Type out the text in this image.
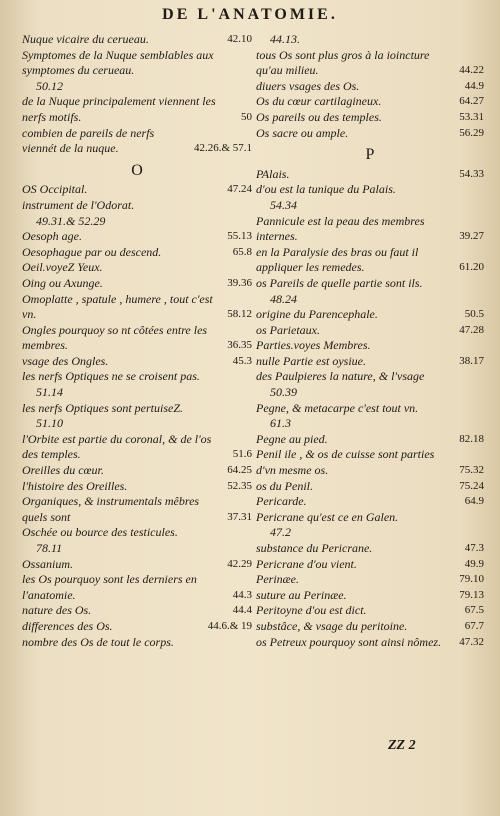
DE L'ANATOMIE.
Nuque vicaire du cerueau.	42.10
Symptomes de la Nuque semblables aux symptomes du cerueau.
50.12
de la Nuque principalement viennent les nerfs motifs.	50
combien de pareils de nerfs viennét de la nuque.	42.26.& 57.1
O
OS Occipital.	47.24
instrument de l'Odorat.
49.31.& 52.29
Oesoph age.	55.13
Oesophague par ou descend.	65.8
Oeil.voyeZ Yeux.
Oing ou Axunge.	39.36
Omoplatte , spatule , humere , tout c'est vn.	58.12
Ongles pourquoy so nt côtées entre les membres.	36.35
vsage des Ongles.	45.3
les nerfs Optiques ne se croisent pas.
51.14
les nerfs Optiques sont pertuiseZ.
51.10
l'Orbite est partie du coronal, & de l'os des temples.	51.6
Oreilles du cœur.	64.25
l'histoire des Oreilles.	52.35
Organiques, & instrumentals mêbres quels sont	37.31
Oschée ou bource des testicules.
78.11
Ossanium.	42.29
les Os pourquoy sont les derniers en l'anatomie.	44.3
nature des Os.	44.4
differences des Os.	44.6.& 19
nombre des Os de tout le corps.
44.13.
tous Os sont plus gros à la ioincture qu'au milieu.	44.22
diuers vsages des Os.	44.9
Os du cœur cartilagineux.	64.27
Os pareils ou des temples.	53.31
Os sacre ou ample.	56.29
P
PAlais.	54.33
d'ou est la tunique du Palais.
54.34
Pannicule est la peau des membres internes.	39.27
en la Paralysie des bras ou faut il appliquer les remedes.	61.20
os Pareils de quelle partie sont ils.
48.24
origine du Parencephale.	50.5
os Parietaux.	47.28
Parties.voyes Membres.
nulle Partie est oysiue.	38.17
des Paulpieres la nature, & l'vsage
50.39
Pegne, & metacarpe c'est tout vn.
61.3
Pegne au pied.	82.18
Penil ile , & os de cuisse sont parties d'vn mesme os.	75.32
os du Penil.	75.24
Pericarde.	64.9
Pericrane qu'est ce en Galen.
47.2
substance du Pericrane.	47.3
Pericrane d'ou vient.	49.9
Perinæe.	79.10
suture au Perinæe.	79.13
Peritoyne d'ou est dict.	67.5
substâce, & vsage du peritoine.	67.7
os Petreux pourquoy sont ainsi nômez.	47.32
ZZ 2
